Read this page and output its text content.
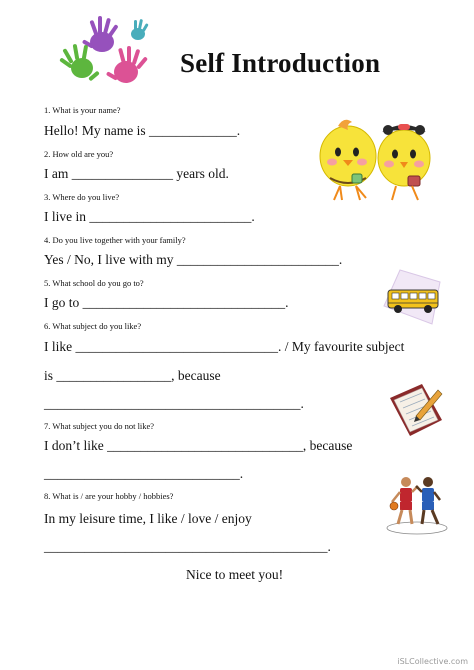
Self Introduction
1. What is your name?
Hello! My name is _____________.
2. How old are you?
I am _______________ years old.
3. Where do you live?
I live in ________________________.
4. Do you live together with your family?
Yes / No, I live with my ________________________.
5. What school do you go to?
I go to ______________________________.
6. What subject do you like?
I like ______________________________. / My favourite subject
is _________________, because
______________________________________.
7. What subject you do not like?
I don’t like _____________________________, because
_____________________________.
8. What is / are your hobby / hobbies?
In my leisure time, I like / love / enjoy
__________________________________________.
Nice to meet you!
iSLCollective.com
